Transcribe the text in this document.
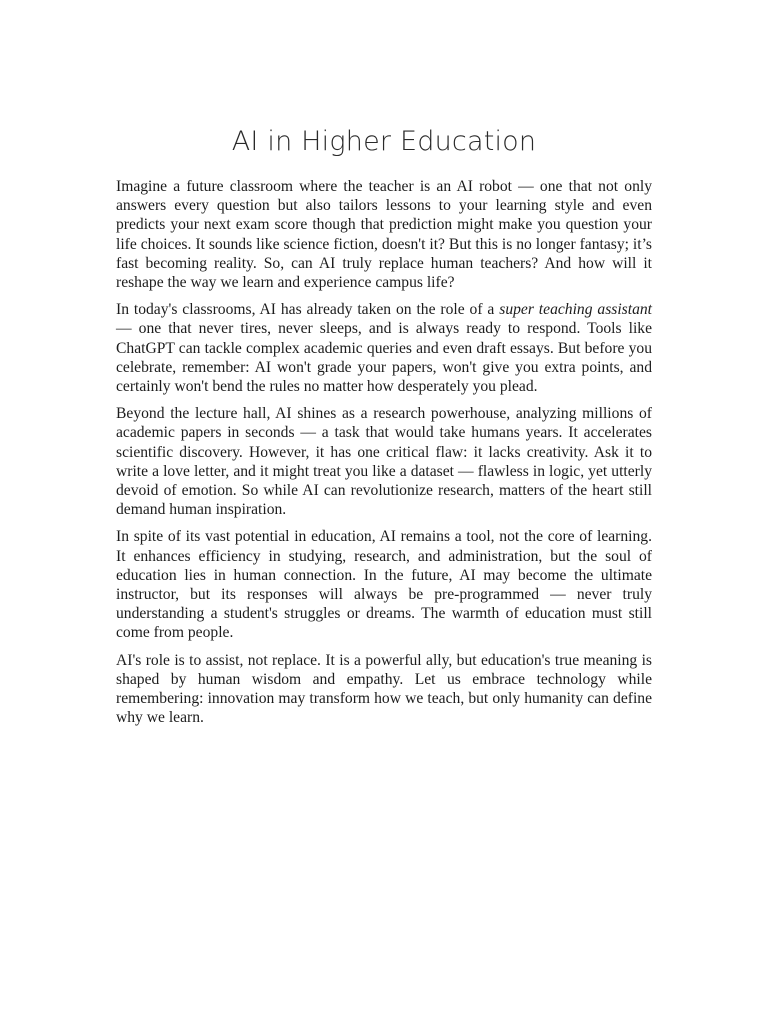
AI in Higher Education

Imagine a future classroom where the teacher is an AI robot — one that not only answers every question but also tailors lessons to your learning style and even predicts your next exam score though that prediction might make you question your life choices. It sounds like science fiction, doesn't it? But this is no longer fantasy; it’s fast becoming reality. So, can AI truly replace human teachers? And how will it reshape the way we learn and experience campus life?

In today's classrooms, AI has already taken on the role of a super teaching assistant — one that never tires, never sleeps, and is always ready to respond. Tools like ChatGPT can tackle complex academic queries and even draft essays. But before you celebrate, remember: AI won't grade your papers, won't give you extra points, and certainly won't bend the rules no matter how desperately you plead.

Beyond the lecture hall, AI shines as a research powerhouse, analyzing millions of academic papers in seconds — a task that would take humans years. It accelerates scientific discovery. However, it has one critical flaw: it lacks creativity. Ask it to write a love letter, and it might treat you like a dataset — flawless in logic, yet utterly devoid of emotion. So while AI can revolutionize research, matters of the heart still demand human inspiration.

In spite of its vast potential in education, AI remains a tool, not the core of learning. It enhances efficiency in studying, research, and administration, but the soul of education lies in human connection. In the future, AI may become the ultimate instructor, but its responses will always be pre-programmed — never truly understanding a student's struggles or dreams. The warmth of education must still come from people.

AI's role is to assist, not replace. It is a powerful ally, but education's true meaning is shaped by human wisdom and empathy. Let us embrace technology while remembering: innovation may transform how we teach, but only humanity can define why we learn.
